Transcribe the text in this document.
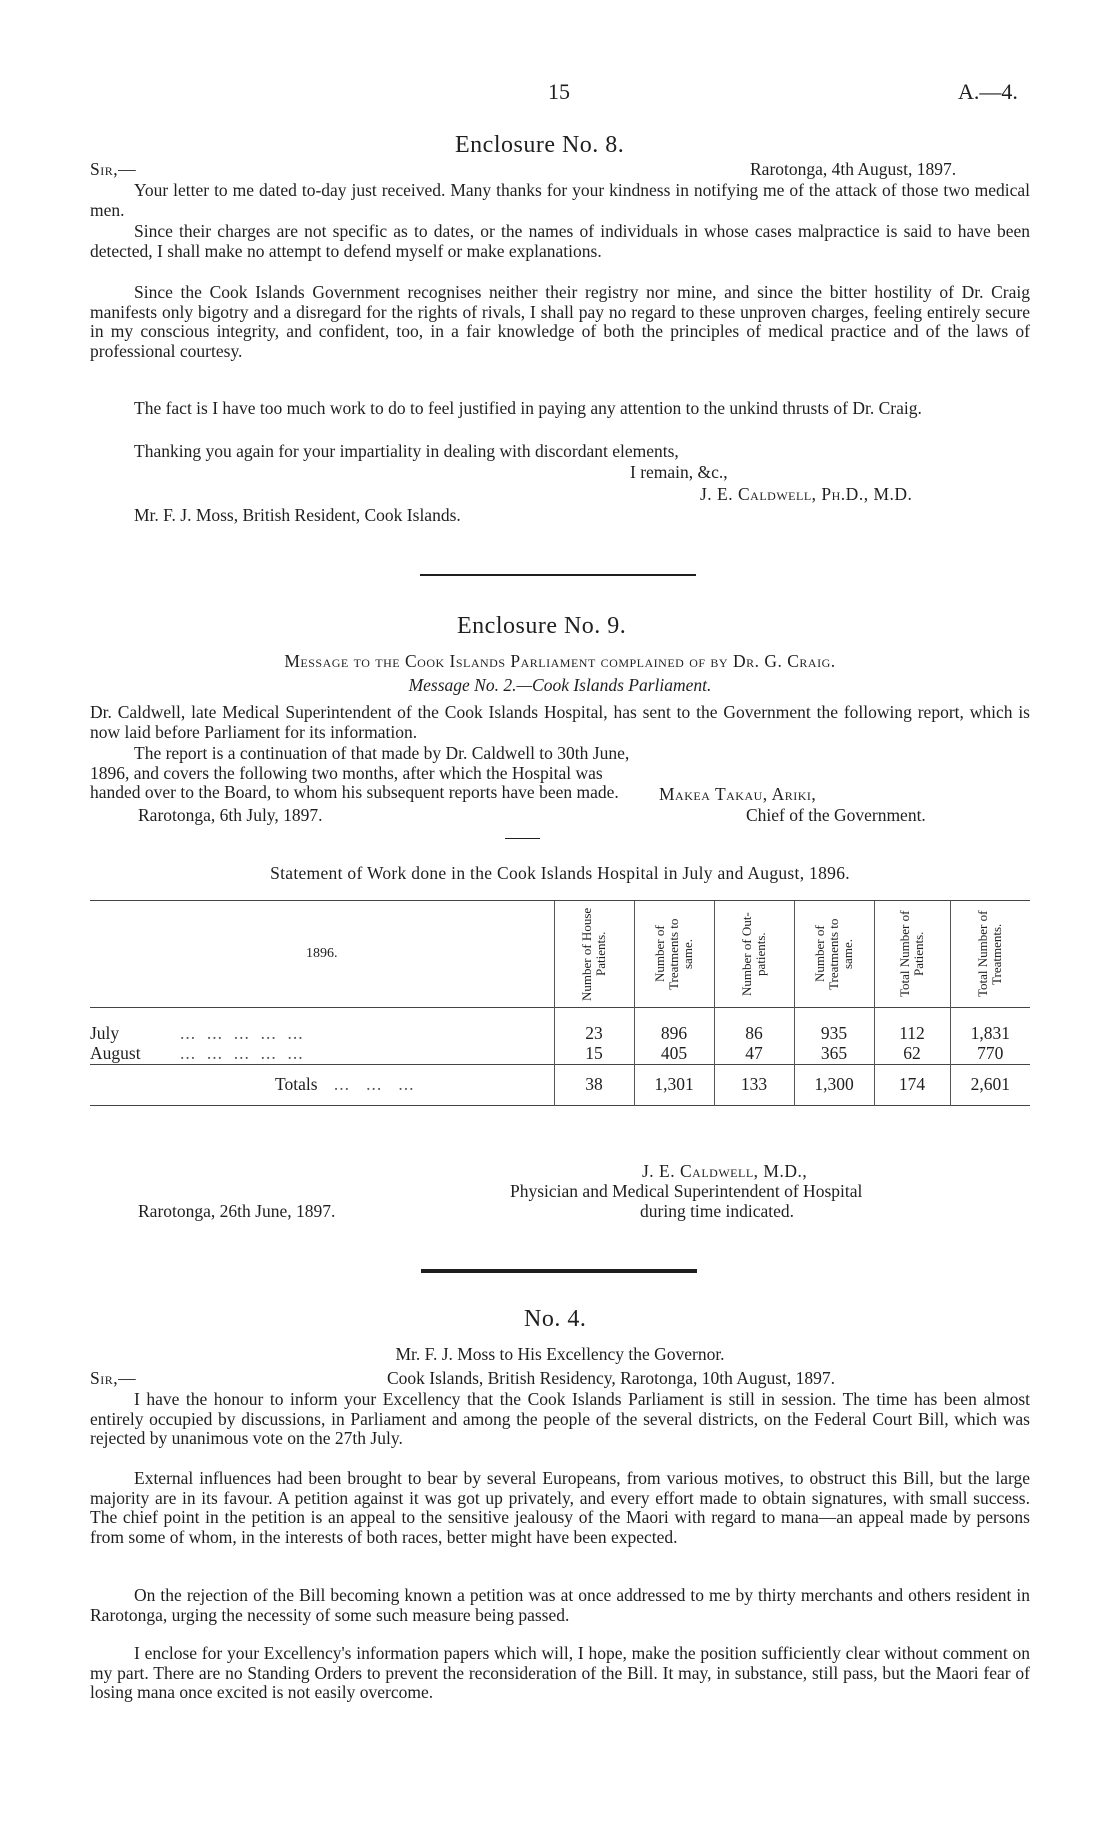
15	A.—4.
Enclosure No. 8.
Sir,—	Rarotonga, 4th August, 1897.

Your letter to me dated to-day just received. Many thanks for your kindness in notifying me of the attack of those two medical men.

Since their charges are not specific as to dates, or the names of individuals in whose cases malpractice is said to have been detected, I shall make no attempt to defend myself or make explanations.

Since the Cook Islands Government recognises neither their registry nor mine, and since the bitter hostility of Dr. Craig manifests only bigotry and a disregard for the rights of rivals, I shall pay no regard to these unproven charges, feeling entirely secure in my conscious integrity, and confident, too, in a fair knowledge of both the principles of medical practice and of the laws of professional courtesy.

The fact is I have too much work to do to feel justified in paying any attention to the unkind thrusts of Dr. Craig.

Thanking you again for your impartiality in dealing with discordant elements,

I remain, &c.,
J. E. Caldwell, Ph.D., M.D.
Mr. F. J. Moss, British Resident, Cook Islands.
Enclosure No. 9.
Message to the Cook Islands Parliament complained of by Dr. G. Craig.
Message No. 2.—Cook Islands Parliament.

Dr. Caldwell, late Medical Superintendent of the Cook Islands Hospital, has sent to the Government the following report, which is now laid before Parliament for its information.

The report is a continuation of that made by Dr. Caldwell to 30th June, 1896, and covers the following two months, after which the Hospital was handed over to the Board, to whom his subsequent reports have been made.	Makea Takau, Ariki,
Rarotonga, 6th July, 1897.	Chief of the Government.
Statement of Work done in the Cook Islands Hospital in July and August, 1896.
1896.	Number of House Patients.	Number of Treatments to same.	Number of Out-patients.	Number of Treatments to same.	Total Number of Patients.	Total Number of Treatments.

July ...  ...  ...  ...  ...	23	896	86	935	112	1,831
August ...  ...  ...  ...  ...	15	405	47	365	62	770
Totals ...   ...   ...	38	1,301	133	1,300	174	2,601
J. E. Caldwell, M.D.,
Physician and Medical Superintendent of Hospital
during time indicated.
Rarotonga, 26th June, 1897.
No. 4.
Mr. F. J. Moss to His Excellency the Governor.
Sir,—	Cook Islands, British Residency, Rarotonga, 10th August, 1897.

I have the honour to inform your Excellency that the Cook Islands Parliament is still in session. The time has been almost entirely occupied by discussions, in Parliament and among the people of the several districts, on the Federal Court Bill, which was rejected by unanimous vote on the 27th July.

External influences had been brought to bear by several Europeans, from various motives, to obstruct this Bill, but the large majority are in its favour. A petition against it was got up privately, and every effort made to obtain signatures, with small success. The chief point in the petition is an appeal to the sensitive jealousy of the Maori with regard to mana—an appeal made by persons from some of whom, in the interests of both races, better might have been expected.

On the rejection of the Bill becoming known a petition was at once addressed to me by thirty merchants and others resident in Rarotonga, urging the necessity of some such measure being passed.

I enclose for your Excellency's information papers which will, I hope, make the position sufficiently clear without comment on my part. There are no Standing Orders to prevent the reconsideration of the Bill. It may, in substance, still pass, but the Maori fear of losing mana once excited is not easily overcome.
